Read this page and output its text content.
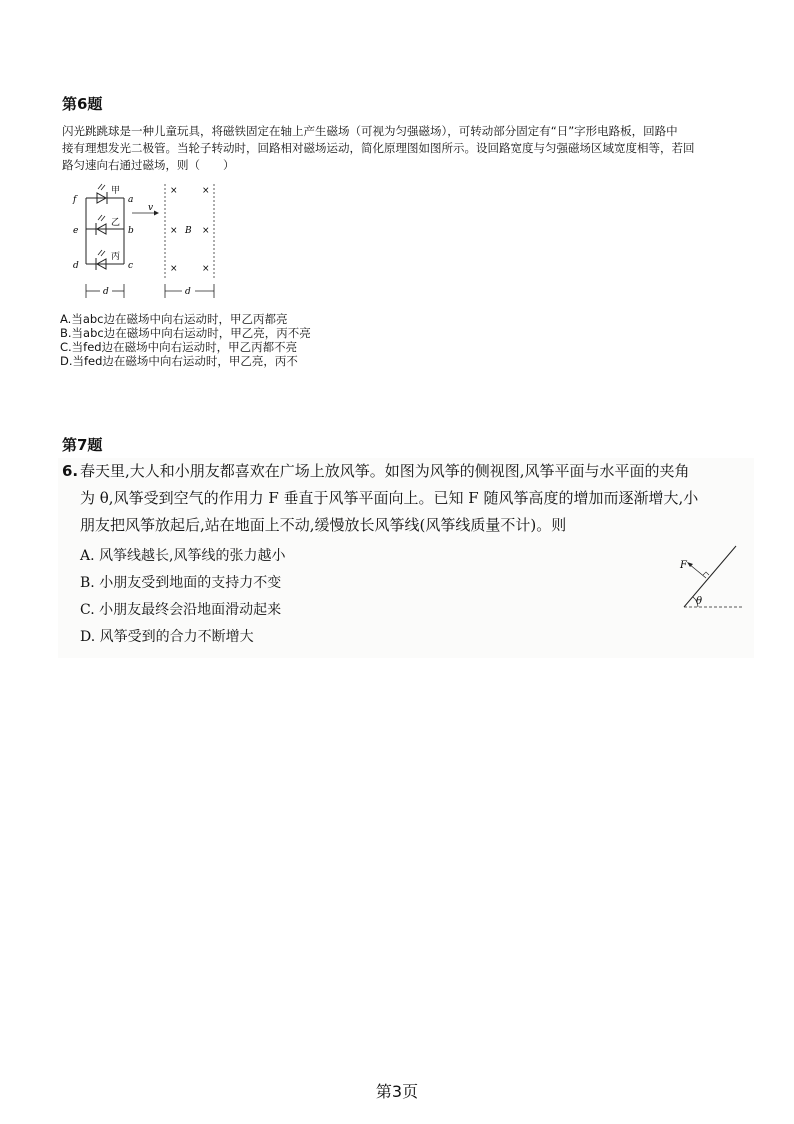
第6题
闪光跳跳球是一种儿童玩具，将磁铁固定在轴上产生磁场（可视为匀强磁场），可转动部分固定有“日”字形电路板，回路中
接有理想发光二极管。当轮子转动时，回路相对磁场运动，简化原理图如图所示。设回路宽度与匀强磁场区域宽度相等，若回
路匀速向右通过磁场，则（　　）
甲
乙
丙
f
e
d
a
b
c
v
d
×	×
× B ×
×	×
d
A.当abc边在磁场中向右运动时，甲乙丙都亮
B.当abc边在磁场中向右运动时，甲乙亮，丙不亮
C.当fed边在磁场中向右运动时，甲乙丙都不亮
D.当fed边在磁场中向右运动时，甲乙亮，丙不
第7题
6. 春天里,大人和小朋友都喜欢在广场上放风筝。如图为风筝的侧视图,风筝平面与水平面的夹角
为 θ,风筝受到空气的作用力 F 垂直于风筝平面向上。已知 F 随风筝高度的增加而逐渐增大,小
朋友把风筝放起后,站在地面上不动,缓慢放长风筝线(风筝线质量不计)。则
A. 风筝线越长,风筝线的张力越小
B. 小朋友受到地面的支持力不变
C. 小朋友最终会沿地面滑动起来
D. 风筝受到的合力不断增大
θ
F
第3页
